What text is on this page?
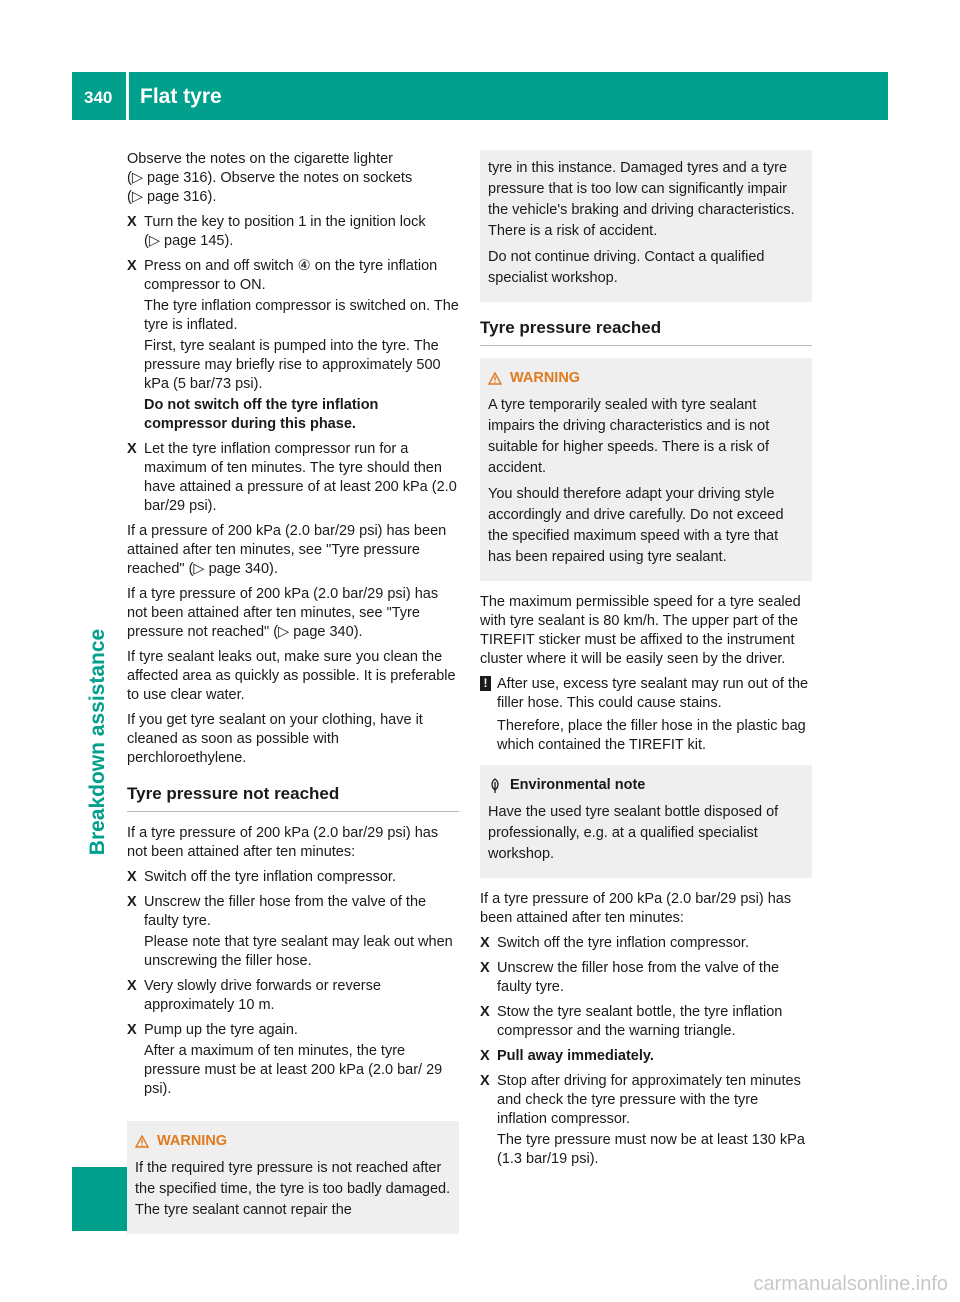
340	Flat tyre
Breakdown assistance

Observe the notes on the cigarette lighter
(▷ page 316). Observe the notes on sockets
(▷ page 316).

X Turn the key to position 1 in the ignition lock
(▷ page 145).
X Press on and off switch ④ on the tyre inflation
compressor to ON.
The tyre inflation compressor is switched on. The tyre is inflated.
First, tyre sealant is pumped into the tyre. The pressure may briefly rise to approximately 500 kPa (5 bar/73 psi).
Do not switch off the tyre inflation compressor during this phase.
X Let the tyre inflation compressor run for a maximum of ten minutes. The tyre should then have attained a pressure of at least 200 kPa (2.0 bar/29 psi).

If a pressure of 200 kPa (2.0 bar/29 psi) has been attained after ten minutes, see "Tyre pressure reached" (▷ page 340).

If a tyre pressure of 200 kPa (2.0 bar/29 psi) has not been attained after ten minutes, see "Tyre pressure not reached" (▷ page 340).

If tyre sealant leaks out, make sure you clean the affected area as quickly as possible. It is preferable to use clear water.

If you get tyre sealant on your clothing, have it cleaned as soon as possible with perchloroethylene.

Tyre pressure not reached

If a tyre pressure of 200 kPa (2.0 bar/29 psi) has not been attained after ten minutes:

X Switch off the tyre inflation compressor.
X Unscrew the filler hose from the valve of the faulty tyre.
Please note that tyre sealant may leak out when unscrewing the filler hose.
X Very slowly drive forwards or reverse approximately 10 m.
X Pump up the tyre again.
After a maximum of ten minutes, the tyre pressure must be at least 200 kPa (2.0 bar/ 29 psi).
WARNING

If the required tyre pressure is not reached after the specified time, the tyre is too badly damaged. The tyre sealant cannot repair the

tyre in this instance. Damaged tyres and a tyre pressure that is too low can significantly impair the vehicle's braking and driving characteristics. There is a risk of accident.

Do not continue driving. Contact a qualified specialist workshop.

Tyre pressure reached
WARNING

A tyre temporarily sealed with tyre sealant impairs the driving characteristics and is not suitable for higher speeds. There is a risk of accident.

You should therefore adapt your driving style accordingly and drive carefully. Do not exceed the specified maximum speed with a tyre that has been repaired using tyre sealant.

The maximum permissible speed for a tyre sealed with tyre sealant is 80 km/h. The upper part of the TIREFIT sticker must be affixed to the instrument cluster where it will be easily seen by the driver.

! After use, excess tyre sealant may run out of the filler hose. This could cause stains.
Therefore, place the filler hose in the plastic bag which contained the TIREFIT kit.
Environmental note

Have the used tyre sealant bottle disposed of professionally, e.g. at a qualified specialist workshop.

If a tyre pressure of 200 kPa (2.0 bar/29 psi) has been attained after ten minutes:

X Switch off the tyre inflation compressor.
X Unscrew the filler hose from the valve of the faulty tyre.
X Stow the tyre sealant bottle, the tyre inflation compressor and the warning triangle.
X Pull away immediately.
X Stop after driving for approximately ten minutes and check the tyre pressure with the tyre inflation compressor.
The tyre pressure must now be at least 130 kPa (1.3 bar/19 psi).
carmanualsonline.info
